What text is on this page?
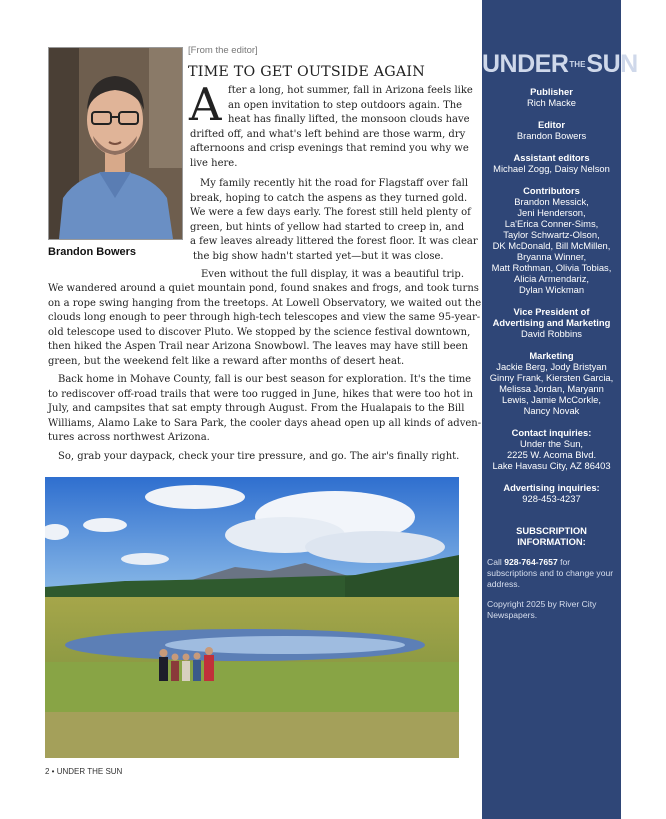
UNDERTHESUN
Publisher
Rich Macke
Editor
Brandon Bowers
Assistant editors
Michael Zogg, Daisy Nelson
Contributors
Brandon Messick,
Jeni Henderson,
La'Erica Conner-Sims,
Taylor Schwartz-Olson,
DK McDonald, Bill McMillen,
Bryanna Winner,
Matt Rothman, Olivia Tobias,
Alicia Armendariz,
Dylan Wickman
Vice President of
Advertising and Marketing
David Robbins
Marketing
Jackie Berg, Jody Bristyan
Ginny Frank, Kiersten Garcia,
Melissa Jordan, Maryann
Lewis, Jamie McCorkle,
Nancy Novak
Contact inquiries:
Under the Sun,
2225 W. Acoma Blvd.
Lake Havasu City, AZ 86403
Advertising inquiries:
928-453-4237
SUBSCRIPTION
INFORMATION:

Call 928-764-7657 for subscriptions and to change your address.

Copyright 2025 by River City Newspapers.

Brandon Bowers
[From the editor]
TIME TO GET OUTSIDE AGAIN
A fter a long, hot summer, fall in Arizona feels like
an open invitation to step outdoors again. The
heat has finally lifted, the monsoon clouds have
drifted off, and what's left behind are those warm, dry
afternoons and crisp evenings that remind you why we
live here.
My family recently hit the road for Flagstaff over fall
break, hoping to catch the aspens as they turned gold.
We were a few days early. The forest still held plenty of
green, but hints of yellow had started to creep in, and
a few leaves already littered the forest floor. It was clear
the big show hadn't started yet—but it was close.
Even without the full display, it was a beautiful trip.
We wandered around a quiet mountain pond, found snakes and frogs, and took turns
on a rope swing hanging from the treetops. At Lowell Observatory, we waited out the
clouds long enough to peer through high-tech telescopes and view the same 95-year-
old telescope used to discover Pluto. We stopped by the science festival downtown,
then hiked the Aspen Trail near Arizona Snowbowl. The leaves may have still been
green, but the weekend felt like a reward after months of desert heat.
Back home in Mohave County, fall is our best season for exploration. It's the time
to rediscover off-road trails that were too rugged in June, hikes that were too hot in
July, and campsites that sat empty through August. From the Hualapais to the Bill
Williams, Alamo Lake to Sara Park, the cooler days ahead open up all kinds of adven-
tures across northwest Arizona.
So, grab your daypack, check your tire pressure, and go. The air's finally right.
2 • UNDER THE SUN
